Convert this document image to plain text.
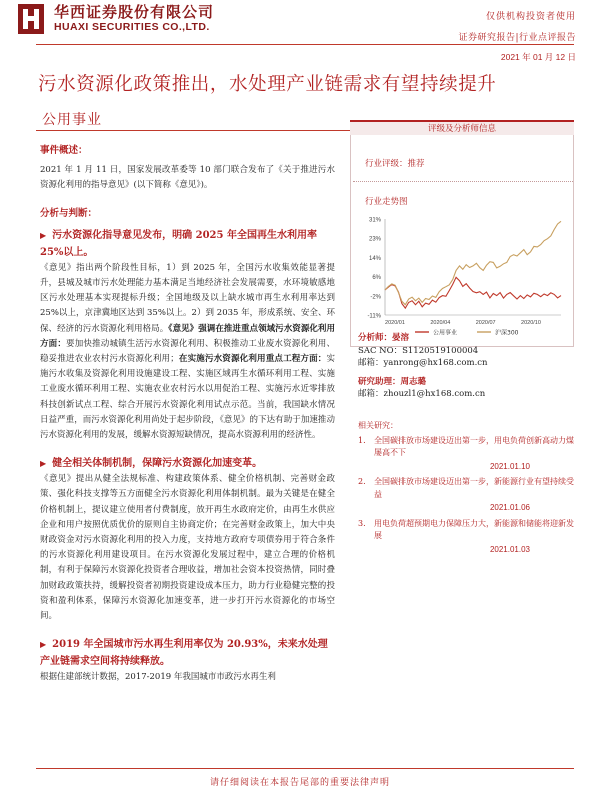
华西证券股份有限公司
HUAXI SECURITIES CO.,LTD.
仅供机构投资者使用
证券研究报告|行业点评报告
2021 年 01 月 12 日
污水资源化政策推出，水处理产业链需求有望持续提升
公用事业
事件概述：
2021 年 1 月 11 日，国家发展改革委等 10 部门联合发布了《关于推进污水资源化利用的指导意见》(以下简称《意见》)。
分析与判断：
▶ 污水资源化指导意见发布，明确 2025 年全国再生水利用率 25%以上。
《意见》指出两个阶段性目标，1）到 2025 年，全国污水收集效能显著提升，县城及城市污水处理能力基本满足当地经济社会发展需要，水环境敏感地区污水处理基本实现提标升级；全国地级及以上缺水城市再生水利用率达到 25%以上，京津冀地区达到 35%以上。2）到 2035 年，形成系统、安全、环保、经济的污水资源化利用格局。《意见》强调在推进重点领域污水资源化利用方面：要加快推动城镇生活污水资源化利用、积极推动工业废水资源化利用、稳妥推进农业农村污水资源化利用；在实施污水资源化利用重点工程方面：实施污水收集及资源化利用设施建设工程、实施区域再生水循环利用工程、实施工业废水循环利用工程、实施农业农村污水以用促治工程、实施污水近零排放科技创新试点工程、综合开展污水资源化利用试点示范。当前，我国缺水情况日益严重，而污水资源化利用尚处于起步阶段，《意见》的下达有助于加速推动污水资源化利用的发展，缓解水资源短缺情况，提高水资源利用的经济性。
▶ 健全相关体制机制，保障污水资源化加速变革。
《意见》提出从健全法规标准、构建政策体系、健全价格机制、完善财金政策、强化科技支撑等五方面健全污水资源化利用体制机制。最为关键是在健全价格机制上，提议建立使用者付费制度，放开再生水政府定价，由再生水供应企业和用户按照优质优价的原则自主协商定价；在完善财金政策上，加大中央财政资金对污水资源化利用的投入力度，支持地方政府专项债券用于符合条件的污水资源化利用建设项目。在污水资源化发展过程中，建立合理的价格机制，有利于保障污水资源化投资者合理收益，增加社会资本投资热情，同时叠加财政政策扶持，缓解投资者初期投资建设成本压力，助力行业稳健完整的投资和盈利体系，保障污水资源化加速变革，进一步打开污水资源化的市场空间。
▶ 2019 年全国城市污水再生利用率仅为 20.93%，未来水处理产业链需求空间将持续释放。
根据住建部统计数据，2017-2019 年我国城市市政污水再生利
评级及分析师信息
行业评级：推荐
行业走势图
31%
23%
14%
6%
-2%
-11%
2020/01	2020/04	2020/07	2020/10
公用事业	沪深300
分析师：晏溶
SAC NO：S1120519100004
邮箱：yanrong@hx168.com.cn
研究助理：周志璐
邮箱：zhouzl1@hx168.com.cn
相关研究：
1.	全国碳排放市场建设迈出第一步，用电负荷创新高动力煤屡高不下
2021.01.10
2.	全国碳排放市场建设迈出第一步，新能源行业有望持续受益
2021.01.06
3.	用电负荷超预期电力保障压力大，新能源和储能将迎新发展
2021.01.03
请仔细阅读在本报告尾部的重要法律声明
